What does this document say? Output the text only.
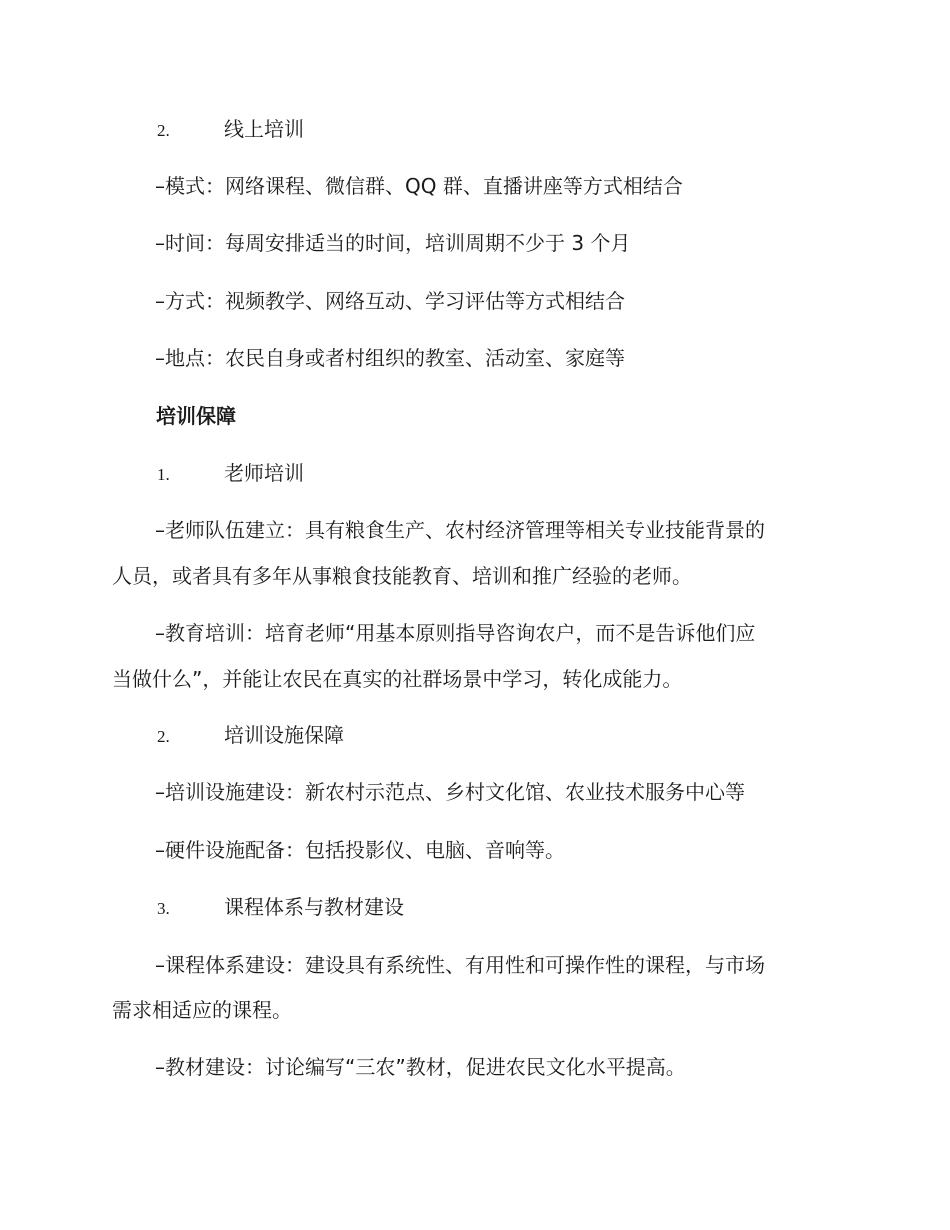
2.	线上培训
–模式：网络课程、微信群、QQ 群、直播讲座等方式相结合
–时间：每周安排适当的时间，培训周期不少于 3 个月
–方式：视频教学、网络互动、学习评估等方式相结合
–地点：农民自身或者村组织的教室、活动室、家庭等
培训保障
1.	老师培训
–老师队伍建立：具有粮食生产、农村经济管理等相关专业技能背景的
人员，或者具有多年从事粮食技能教育、培训和推广经验的老师。
–教育培训：培育老师“用基本原则指导咨询农户，而不是告诉他们应
当做什么”，并能让农民在真实的社群场景中学习，转化成能力。
2.	培训设施保障
–培训设施建设：新农村示范点、乡村文化馆、农业技术服务中心等
–硬件设施配备：包括投影仪、电脑、音响等。
3.	课程体系与教材建设
–课程体系建设：建设具有系统性、有用性和可操作性的课程，与市场
需求相适应的课程。
–教材建设：讨论编写“三农”教材，促进农民文化水平提高。
